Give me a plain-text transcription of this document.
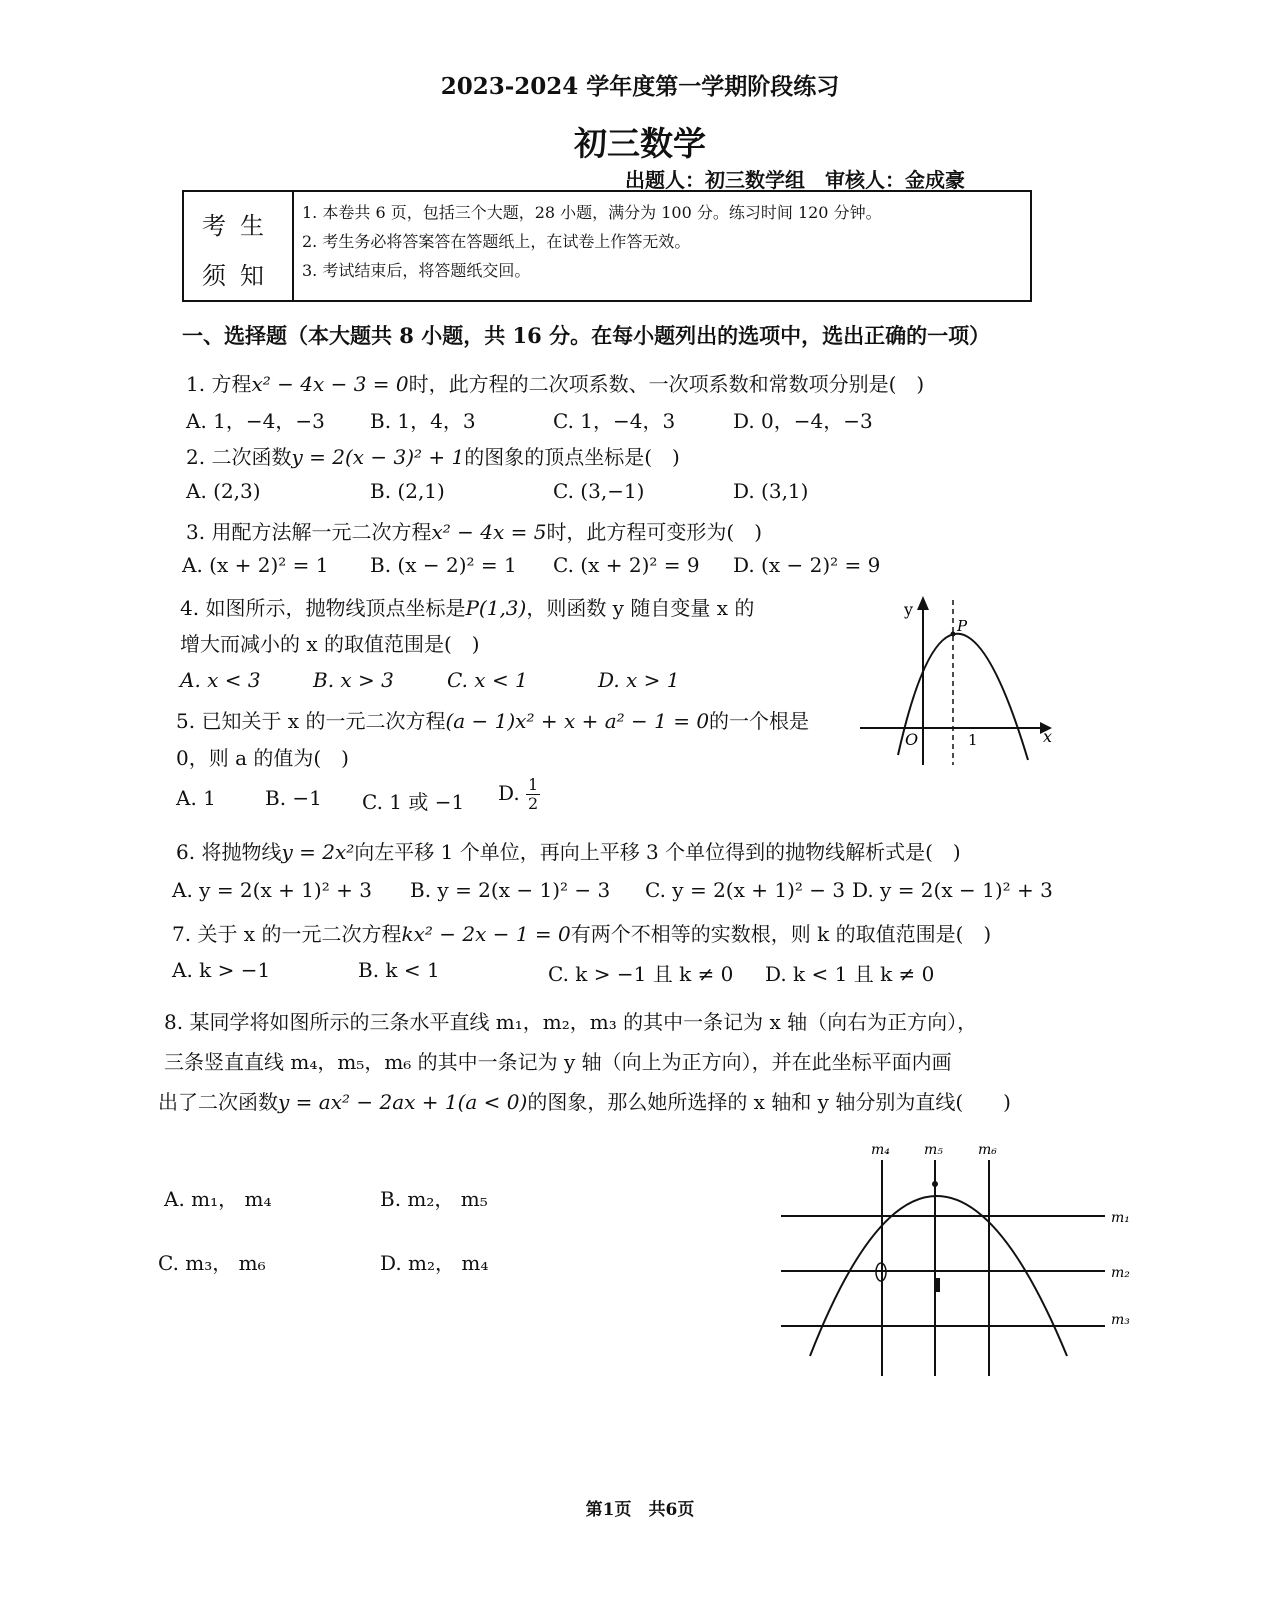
2023-2024 学年度第一学期阶段练习
初三数学
出题人：初三数学组 审核人：金成豪
考生
须知
1. 本卷共 6 页，包括三个大题，28 小题，满分为 100 分。练习时间 120 分钟。
2. 考生务必将答案答在答题纸上，在试卷上作答无效。
3. 考试结束后，将答题纸交回。
一、选择题（本大题共 8 小题，共 16 分。在每小题列出的选项中，选出正确的一项）
1. 方程x² − 4x − 3 = 0时，此方程的二次项系数、一次项系数和常数项分别是(　)
A. 1，−4，−3 B. 1，4，3	C. 1，−4，3	D. 0，−4，−3
2. 二次函数y = 2(x − 3)² + 1的图象的顶点坐标是(　)
A. (2,3)	B. (2,1)	C. (3,−1)	D. (3,1)
3. 用配方法解一元二次方程x² − 4x = 5时，此方程可变形为(　)
A. (x + 2)² = 1 B. (x − 2)² = 1 C. (x + 2)² = 9 D. (x − 2)² = 9
4. 如图所示，抛物线顶点坐标是P(1,3)，则函数 y 随自变量 x 的
增大而减小的 x 的取值范围是(　)
A. x < 3	B. x > 3	C. x < 1	D. x > 1
y
x
O	1
P
5. 已知关于 x 的一元二次方程(a − 1)x² + x + a² − 1 = 0的一个根是
0，则 a 的值为(　)
A. 1 B. −1 C. 1 或 −1 D. $\frac{1}{2}$
6. 将抛物线y = 2x²向左平移 1 个单位，再向上平移 3 个单位得到的抛物线解析式是(　)
A. y = 2(x + 1)² + 3 B. y = 2(x − 1)² − 3 C. y = 2(x + 1)² − 3 D. y = 2(x − 1)² + 3
7. 关于 x 的一元二次方程kx² − 2x − 1 = 0有两个不相等的实数根，则 k 的取值范围是(　)
A. k > −1	B. k < 1	C. k > −1 且 k ≠ 0 D. k < 1 且 k ≠ 0
8. 某同学将如图所示的三条水平直线 m₁，m₂，m₃ 的其中一条记为 x 轴（向右为正方向），
三条竖直直线 m₄，m₅，m₆ 的其中一条记为 y 轴（向上为正方向），并在此坐标平面内画
出了二次函数y = ax² − 2ax + 1(a < 0)的图象，那么她所选择的 x 轴和 y 轴分别为直线(　　)
A. m₁， m₄	B. m₂， m₅
C. m₃， m₆	D. m₂， m₄
m₄ m₅	m₆
m₁
m₂
m₃
第1页　共6页
